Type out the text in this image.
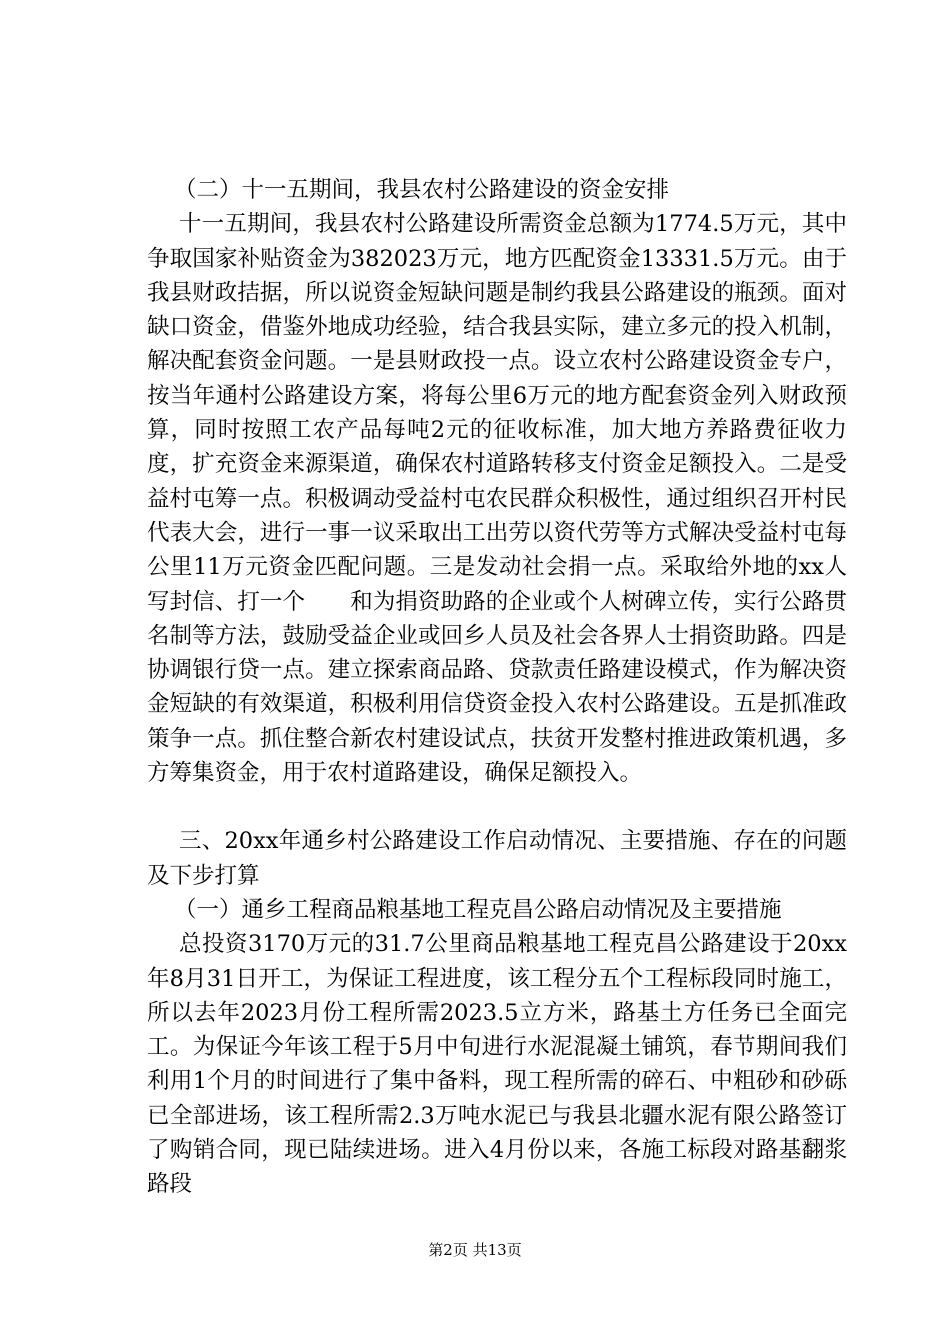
（二）十一五期间，我县农村公路建设的资金安排

十一五期间，我县农村公路建设所需资金总额为1774.5万元，其中争取国家补贴资金为382023万元，地方匹配资金13331.5万元。由于我县财政拮据，所以说资金短缺问题是制约我县公路建设的瓶颈。面对缺口资金，借鉴外地成功经验，结合我县实际，建立多元的投入机制，解决配套资金问题。一是县财政投一点。设立农村公路建设资金专户，按当年通村公路建设方案，将每公里6万元的地方配套资金列入财政预算，同时按照工农产品每吨2元的征收标准，加大地方养路费征收力度，扩充资金来源渠道，确保农村道路转移支付资金足额投入。二是受益村屯筹一点。积极调动受益村屯农民群众积极性，通过组织召开村民代表大会，进行一事一议采取出工出劳以资代劳等方式解决受益村屯每公里11万元资金匹配问题。三是发动社会捐一点。采取给外地的xx人写封信、打一个　　和为捐资助路的企业或个人树碑立传，实行公路贯名制等方法，鼓励受益企业或回乡人员及社会各界人士捐资助路。四是协调银行贷一点。建立探索商品路、贷款责任路建设模式，作为解决资金短缺的有效渠道，积极利用信贷资金投入农村公路建设。五是抓准政策争一点。抓住整合新农村建设试点，扶贫开发整村推进政策机遇，多方筹集资金，用于农村道路建设，确保足额投入。

三、20xx年通乡村公路建设工作启动情况、主要措施、存在的问题及下步打算

（一）通乡工程商品粮基地工程克昌公路启动情况及主要措施

总投资3170万元的31.7公里商品粮基地工程克昌公路建设于20xx年8月31日开工，为保证工程进度，该工程分五个工程标段同时施工，所以去年2023月份工程所需2023.5立方米，路基土方任务已全面完工。为保证今年该工程于5月中旬进行水泥混凝土铺筑，春节期间我们利用1个月的时间进行了集中备料，现工程所需的碎石、中粗砂和砂砾已全部进场，该工程所需2.3万吨水泥已与我县北疆水泥有限公路签订了购销合同，现已陆续进场。进入4月份以来，各施工标段对路基翻浆路段

第2页 共13页
